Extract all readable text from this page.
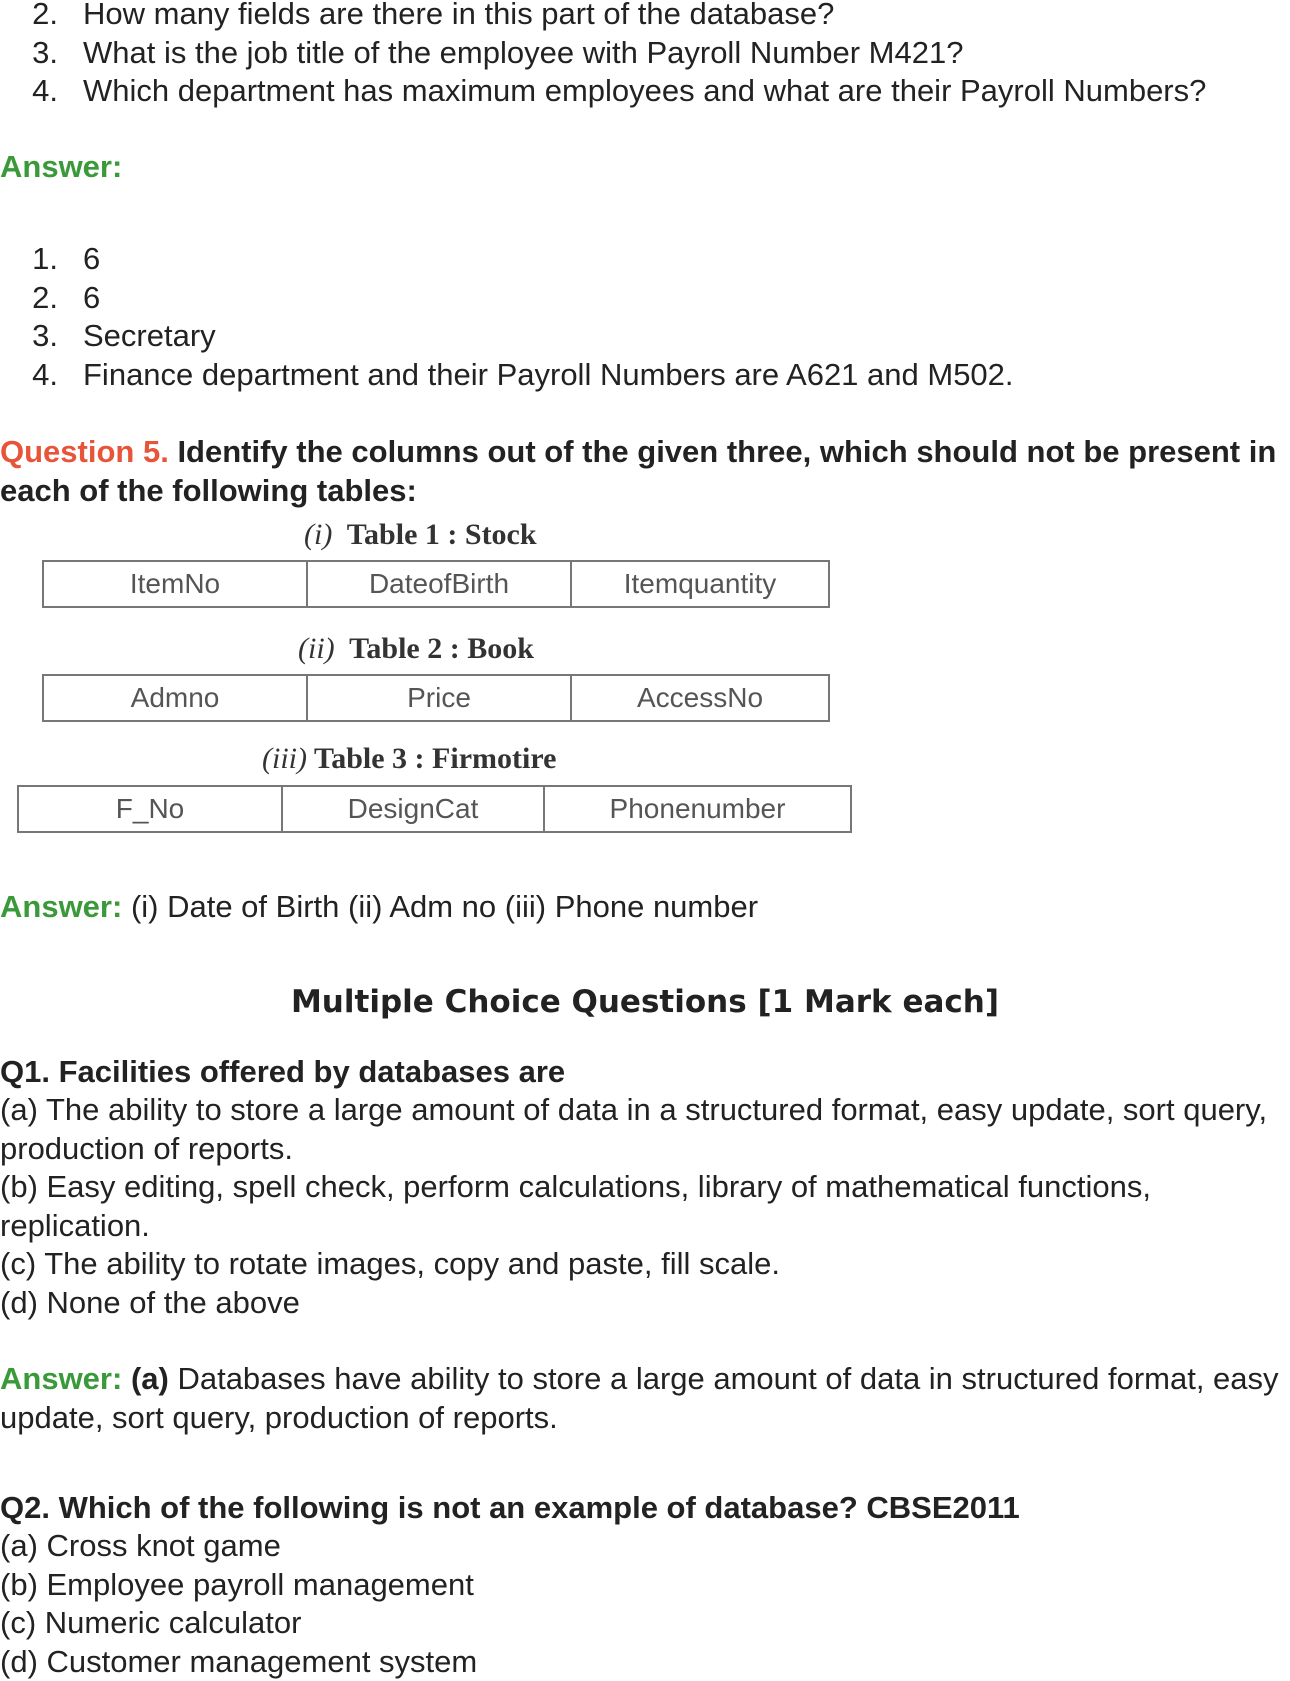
2. How many fields are there in this part of the database?
3. What is the job title of the employee with Payroll Number M421?
4. Which department has maximum employees and what are their Payroll Numbers?
Answer:
1. 6
2. 6
3. Secretary
4. Finance department and their Payroll Numbers are A621 and M502.
Question 5. Identify the columns out of the given three, which should not be present in each of the following tables:
(i) Table 1 : Stock
ItemNo	DateofBirth	Itemquantity
(ii) Table 2 : Book
Admno	Price	AccessNo
(iii) Table 3 : Firmotire
F_No	DesignCat	Phonenumber
Answer: (i) Date of Birth (ii) Adm no (iii) Phone number
Multiple Choice Questions [1 Mark each]
Q1. Facilities offered by databases are
(a) The ability to store a large amount of data in a structured format, easy update, sort query, production of reports.
(b) Easy editing, spell check, perform calculations, library of mathematical functions, replication.
(c) The ability to rotate images, copy and paste, fill scale.
(d) None of the above
Answer: (a) Databases have ability to store a large amount of data in structured format, easy update, sort query, production of reports.
Q2. Which of the following is not an example of database? CBSE2011
(a) Cross knot game
(b) Employee payroll management
(c) Numeric calculator
(d) Customer management system
